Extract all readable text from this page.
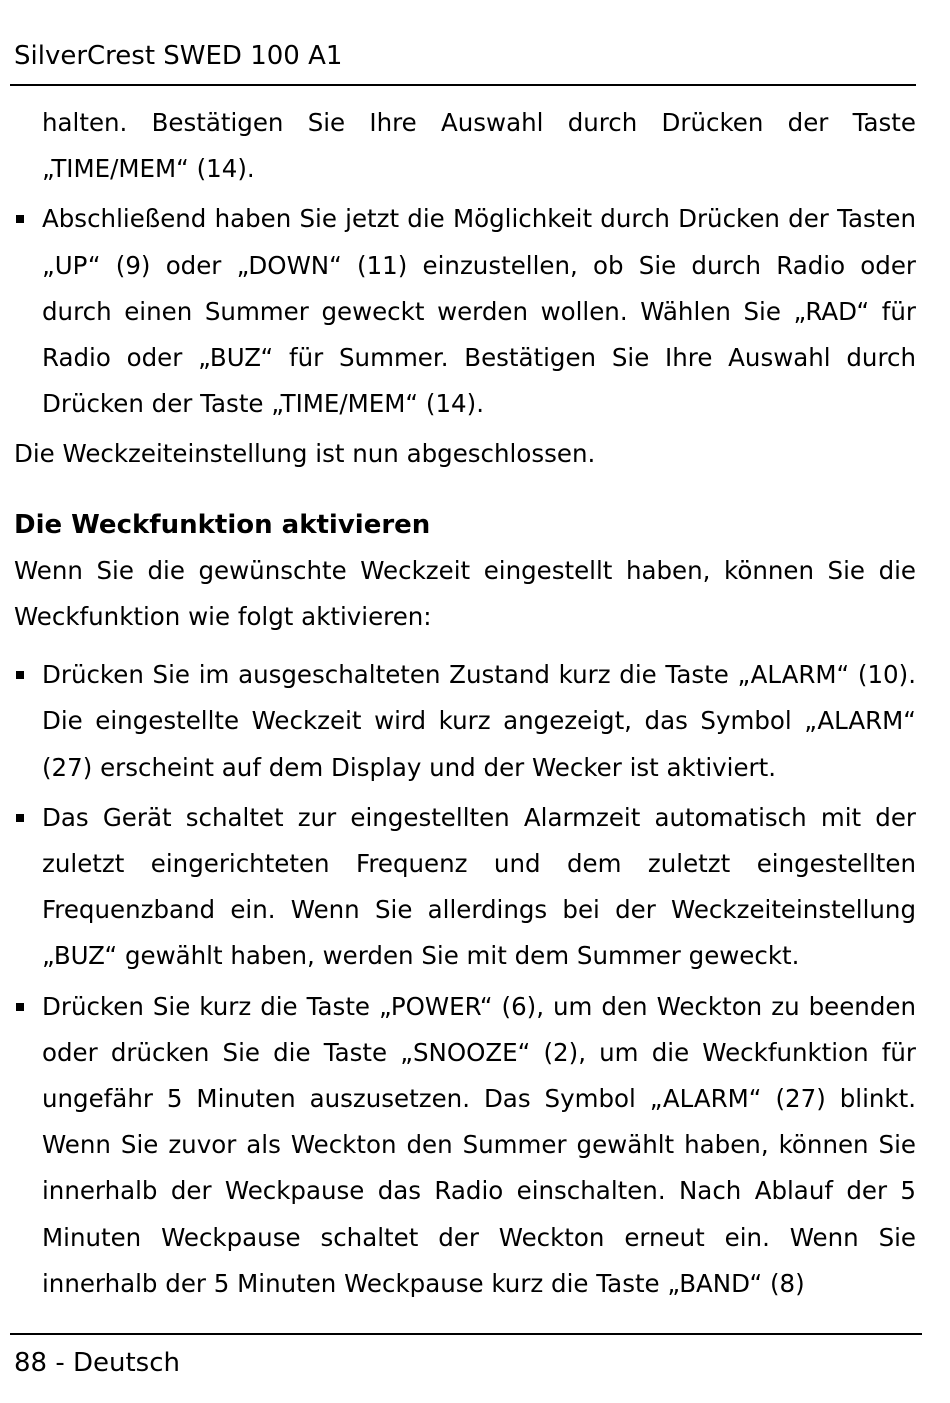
SilverCrest SWED 100 A1

halten. Bestätigen Sie Ihre Auswahl durch Drücken der Taste „TIME/MEM“ (14).

Abschließend haben Sie jetzt die Möglichkeit durch Drücken der Tasten „UP“ (9) oder „DOWN“ (11) einzustellen, ob Sie durch Radio oder durch einen Summer geweckt werden wollen. Wählen Sie „RAD“ für Radio oder „BUZ“ für Summer. Bestätigen Sie Ihre Auswahl durch Drücken der Taste „TIME/MEM“ (14).

Die Weckzeiteinstellung ist nun abgeschlossen.

Die Weckfunktion aktivieren

Wenn Sie die gewünschte Weckzeit eingestellt haben, können Sie die Weckfunktion wie folgt aktivieren:

Drücken Sie im ausgeschalteten Zustand kurz die Taste „ALARM“ (10). Die eingestellte Weckzeit wird kurz angezeigt, das Symbol „ALARM“ (27) erscheint auf dem Display und der Wecker ist aktiviert.

Das Gerät schaltet zur eingestellten Alarmzeit automatisch mit der zuletzt eingerichteten Frequenz und dem zuletzt eingestellten Frequenzband ein. Wenn Sie allerdings bei der Weckzeiteinstellung „BUZ“ gewählt haben, werden Sie mit dem Summer geweckt.

Drücken Sie kurz die Taste „POWER“ (6), um den Weckton zu beenden oder drücken Sie die Taste „SNOOZE“ (2), um die Weckfunktion für ungefähr 5 Minuten auszusetzen. Das Symbol „ALARM“ (27) blinkt. Wenn Sie zuvor als Weckton den Summer gewählt haben, können Sie innerhalb der Weckpause das Radio einschalten. Nach Ablauf der 5 Minuten Weckpause schaltet der Weckton erneut ein. Wenn Sie innerhalb der 5 Minuten Weckpause kurz die Taste „BAND“ (8)

88 - Deutsch
